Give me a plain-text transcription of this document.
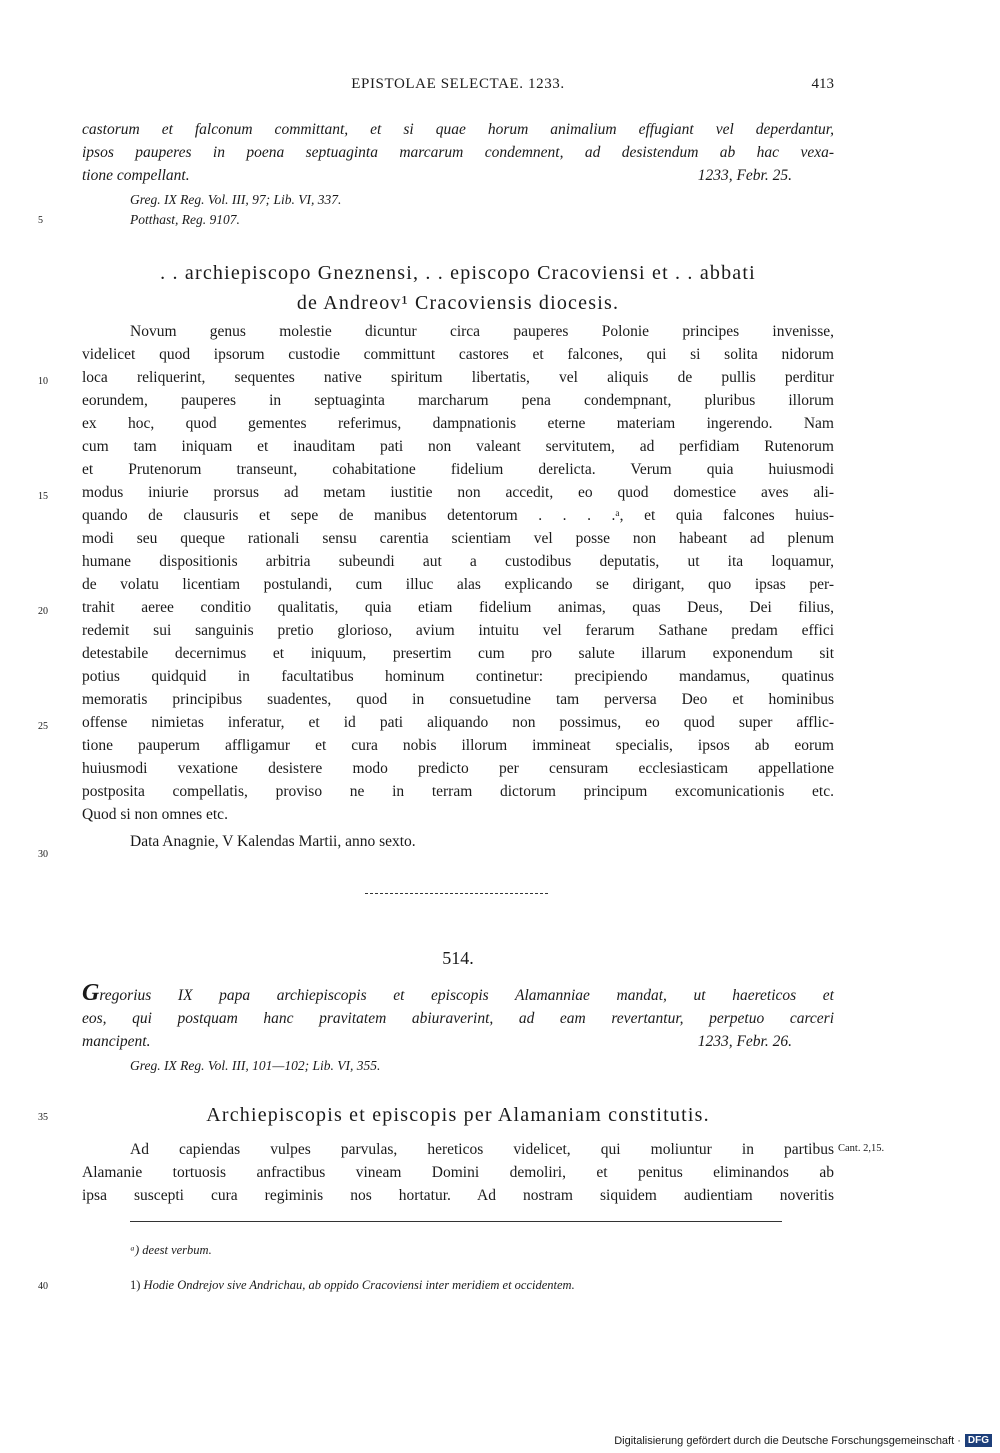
EPISTOLAE SELECTAE. 1233.	413
castorum et falconum committant, et si quae horum animalium effugiant vel deperdantur,
ipsos pauperes in poena septuaginta marcarum condemnent, ad desistendum ab hac vexa-
tione compellant.	1233, Febr. 25.
Greg. IX Reg. Vol. III, 97; Lib. VI, 337.
Potthast, Reg. 9107.
. . archiepiscopo Gneznensi, . . episcopo Cracoviensi et . . abbati
de Andreov¹ Cracoviensis diocesis.
Novum genus molestie dicuntur circa pauperes Polonie principes invenisse,
videlicet quod ipsorum custodie committunt castores et falcones, qui si solita nidorum
loca reliquerint, sequentes native spiritum libertatis, vel aliquis de pullis perditur
eorundem, pauperes in septuaginta marcharum pena condempnant, pluribus illorum
ex hoc, quod gementes referimus, dampnationis eterne materiam ingerendo. Nam
cum tam iniquam et inauditam pati non valeant servitutem, ad perfidiam Rutenorum
et Prutenorum transeunt, cohabitatione fidelium derelicta. Verum quia huiusmodi
modus iniurie prorsus ad metam iustitie non accedit, eo quod domestice aves ali-
quando de clausuris et sepe de manibus detentorum . . . .ᵃ, et quia falcones huius-
modi seu queque rationali sensu carentia scientiam vel posse non habeant ad plenum
humane dispositionis arbitria subeundi aut a custodibus deputatis, ut ita loquamur,
de volatu licentiam postulandi, cum illuc alas explicando se dirigant, quo ipsas per-
trahit aeree conditio qualitatis, quia etiam fidelium animas, quas Deus, Dei filius,
redemit sui sanguinis pretio glorioso, avium intuitu vel ferarum Sathane predam effici
detestabile decernimus et iniquum, presertim cum pro salute illarum exponendum sit
potius quidquid in facultatibus hominum continetur: precipiendo mandamus, quatinus
memoratis principibus suadentes, quod in consuetudine tam perversa Deo et hominibus
offense nimietas inferatur, et id pati aliquando non possimus, eo quod super afflic-
tione pauperum affligamur et cura nobis illorum immineat specialis, ipsos ab eorum
huiusmodi vexatione desistere modo predicto per censuram ecclesiasticam appellatione
postposita compellatis, proviso ne in terram dictorum principum excomunicationis etc.
Quod si non omnes etc.
Data Anagnie, V Kalendas Martii, anno sexto.
514.
Gregorius IX papa archiepiscopis et episcopis Alamanniae mandat, ut haereticos et
eos, qui postquam hanc pravitatem abiuraverint, ad eam revertantur, perpetuo carceri
mancipent.	1233, Febr. 26.
Greg. IX Reg. Vol. III, 101—102; Lib. VI, 355.
Archiepiscopis et episcopis per Alamaniam constitutis.
Ad capiendas vulpes parvulas, hereticos videlicet, qui moliuntur in partibus
Alamanie tortuosis anfractibus vineam Domini demoliri, et penitus eliminandos ab
ipsa suscepti cura regiminis nos hortatur. Ad nostram siquidem audientiam noveritis
Cant. 2,15.
ᵃ) deest verbum.
1) Hodie Ondrejov sive Andrichau, ab oppido Cracoviensi inter meridiem et occidentem.
5
10
15
20
25
30
35
40
Digitalisierung gefördert durch die Deutsche Forschungsgemeinschaft · DFG
